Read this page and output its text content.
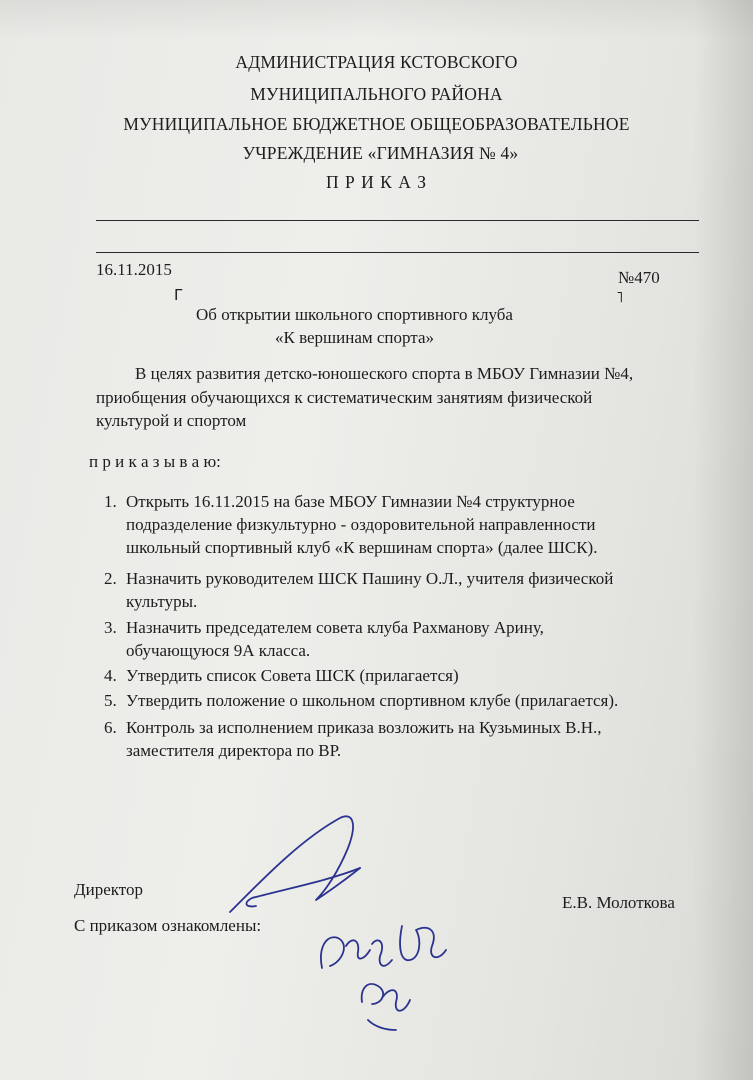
АДМИНИСТРАЦИЯ КСТОВСКОГО
МУНИЦИПАЛЬНОГО РАЙОНА
МУНИЦИПАЛЬНОЕ БЮДЖЕТНОЕ ОБЩЕОБРАЗОВАТЕЛЬНОЕ
УЧРЕЖДЕНИЕ «ГИМНАЗИЯ № 4»
П Р И К А З
16.11.2015	№470
Г	˥
Об открытии школьного спортивного клуба
«К вершинам спорта»
В целях развития детско-юношеского спорта в МБОУ Гимназии №4,
приобщения обучающихся к систематическим занятиям физической
культурой и спортом
п р и к а з ы в а ю:
1. Открыть 16.11.2015 на базе МБОУ Гимназии №4 структурное
подразделение физкультурно - оздоровительной направленности
школьный спортивный клуб «К вершинам спорта» (далее ШСК).
2. Назначить руководителем ШСК Пашину О.Л., учителя физической
культуры.
3. Назначить председателем совета клуба Рахманову Арину,
обучающуюся 9А класса.
4. Утвердить список Совета ШСК (прилагается)
5. Утвердить положение о школьном спортивном клубе (прилагается).
6. Контроль за исполнением приказа возложить на Кузьминых В.Н.,
заместителя директора по ВР.
Директор
Е.В. Молоткова
С приказом ознакомлены:
